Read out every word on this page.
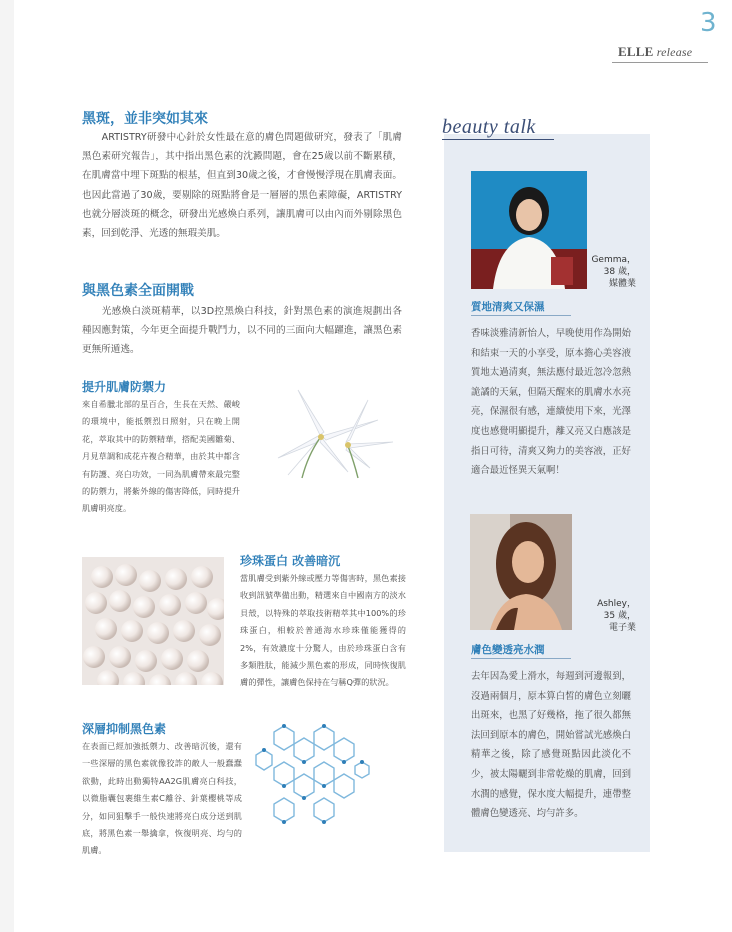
3
ELLE release
黑斑，並非突如其來
　　ARTISTRY研發中心針於女性最在意的膚色問題做研究，發表了「肌膚黑色素研究報告」，其中指出黑色素的沈澱問題，會在25歲以前不斷累積，在肌膚當中埋下斑點的根基，但直到30歲之後，才會慢慢浮現在肌膚表面。也因此當過了30歲，要剔除的斑點將會是一層層的黑色素障礙，ARTISTRY也就分層淡斑的概念，研發出光感煥白系列，讓肌膚可以由內而外剔除黑色素，回到乾淨、光透的無瑕美肌。
與黑色素全面開戰
　　光感煥白淡斑精華，以3D控黑煥白科技，針對黑色素的演進規劃出各種因應對策，今年更全面提升戰鬥力，以不同的三面向大幅躍進，讓黑色素更無所遁逃。
提升肌膚防禦力
來自希臘北部的星百合，生長在天然、嚴峻的環境中，能抵禦烈日照射，只在晚上開花，萃取其中的防禦精華，搭配美國雛菊、月見草調和成花卉複合精華，由於其中都含有防護、亮白功效，一同為肌膚帶來最完整的防禦力，將紫外線的傷害降低，同時提升肌膚明亮度。
珍珠蛋白 改善暗沉
當肌膚受到紫外線或壓力等傷害時，黑色素接收到訊號準備出動，精選來自中國南方的淡水貝殼，以特殊的萃取技術精萃其中100%的珍珠蛋白，相較於普通海水珍珠僅能獲得的2%，有效濃度十分驚人，由於珍珠蛋白含有多類胜肽，能減少黑色素的形成，同時恢復肌膚的彈性，讓膚色保持在勻稱Q彈的狀況。
深層抑制黑色素
在表面已經加強抵禦力、改善暗沉後，還有一些深層的黑色素就像狡詐的敵人一般蠢蠢欲動，此時出動獨特AA2G肌膚亮白科技，以微脂囊包裹維生素C離谷、針葉櫻桃等成分，如同狙擊手一般快速將亮白成分送到肌底，將黑色素一舉擒拿，恢復明亮、均勻的肌膚。
beauty talk
Gemma，
38 歲，
媒體業
質地清爽又保濕
香味淡雅清新怡人，早晚使用作為開始和結束一天的小享受，原本擔心美容液質地太過清爽，無法應付最近忽冷忽熱詭譎的天氣，但隔天醒來的肌膚水水亮亮，保濕很有感，連續使用下來，光澤度也感覺明顯提升，離又亮又白應該是指日可待，清爽又夠力的美容液，正好適合最近怪異天氣啊！
Ashley，
35 歲，
電子業
膚色變透亮水潤
去年因為愛上滑水，每週到河邊報到，沒過兩個月，原本算白皙的膚色立刻曬出斑來，也黑了好幾格，拖了很久都無法回到原本的膚色，開始嘗試光感煥白精華之後，除了感覺斑點因此淡化不少，被太陽曬到非常乾燥的肌膚，回到水潤的感覺，保水度大幅提升，連帶整體膚色變透亮、均勻許多。
